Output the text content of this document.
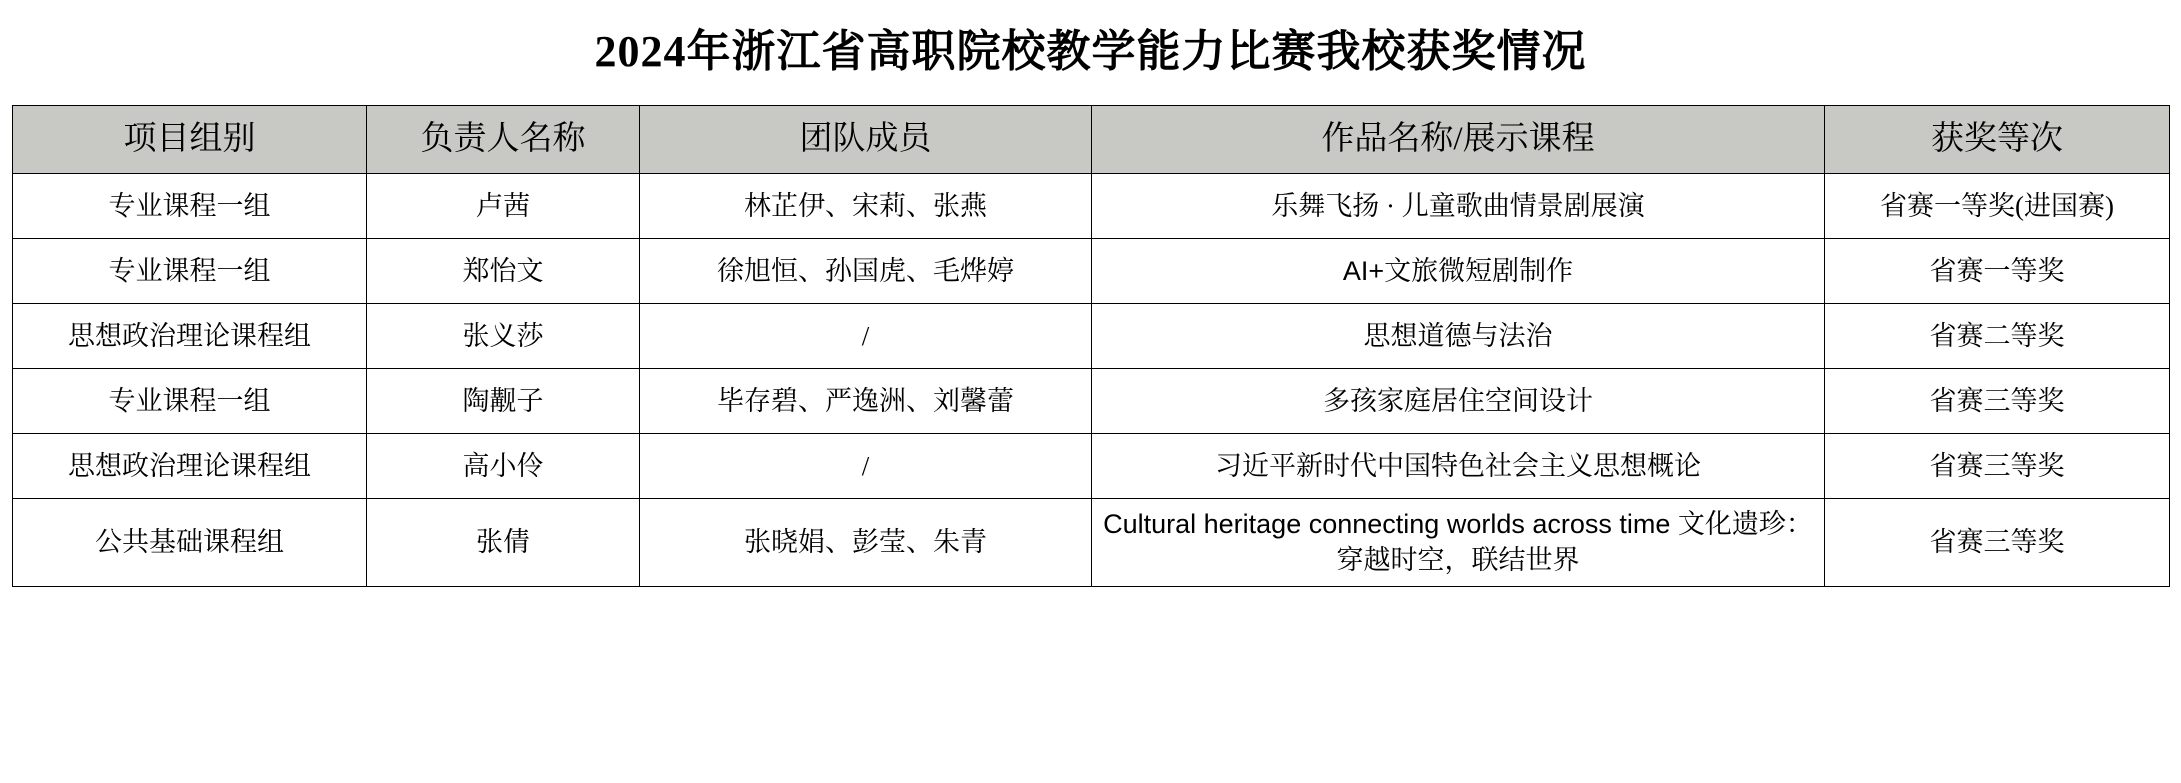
2024年浙江省高职院校教学能力比赛我校获奖情况
项目组别	负责人名称	团队成员	作品名称/展示课程	获奖等次
专业课程一组	卢茜	林芷伊、宋莉、张燕	乐舞飞扬 · 儿童歌曲情景剧展演	省赛一等奖(进国赛)
专业课程一组	郑怡文	徐旭恒、孙国虎、毛烨婷	AI+文旅微短剧制作	省赛一等奖
思想政治理论课程组	张义莎	/	思想道德与法治	省赛二等奖
专业课程一组	陶觏子	毕存碧、严逸洲、刘馨蕾	多孩家庭居住空间设计	省赛三等奖
思想政治理论课程组	高小伶	/	习近平新时代中国特色社会主义思想概论	省赛三等奖
公共基础课程组	张倩	张晓娟、彭莹、朱青	Cultural heritage connecting worlds across time 文化遗珍：穿越时空，联结世界	省赛三等奖
